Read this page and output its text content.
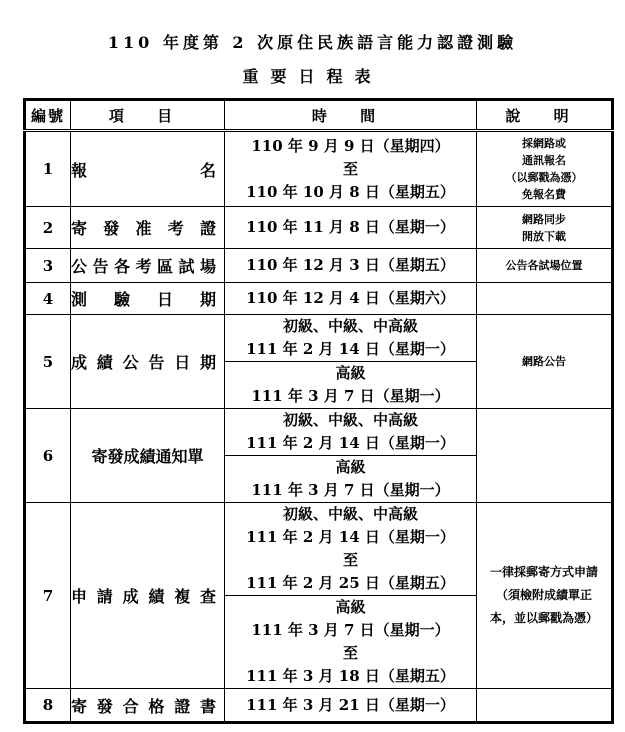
110 年度第 2 次原住民族語言能力認證測驗
重要日程表
編號	項 目	時 間	說 明
1	報 名	110 年 9 月 9 日（星期四）
至
110 年 10 月 8 日（星期五）	採網路或
通訊報名
（以郵戳為憑）
免報名費

2	寄發准考證	110 年 11 月 8 日（星期一）	網路同步
開放下載

3	公告各考區試場	110 年 12 月 3 日（星期五）	公告各試場位置

4	測 驗 日 期	110 年 12 月 4 日（星期六）	

5	成績公告日期	初級、中級、中高級
111 年 2 月 14 日（星期一）	網路公告

		高級
111 年 3 月 7 日（星期一）	

6	寄發成績通知單	初級、中級、中高級
111 年 2 月 14 日（星期一）	

		高級
111 年 3 月 7 日（星期一）	

7	申請成績複查	初級、中級、中高級
111 年 2 月 14 日（星期一）
至
111 年 2 月 25 日（星期五）	一律採郵寄方式申請
（須檢附成績單正
本，並以郵戳為憑）

		高級
111 年 3 月 7 日（星期一）
至
111 年 3 月 18 日（星期五）	

8	寄發合格證書	111 年 3 月 21 日（星期一）	
